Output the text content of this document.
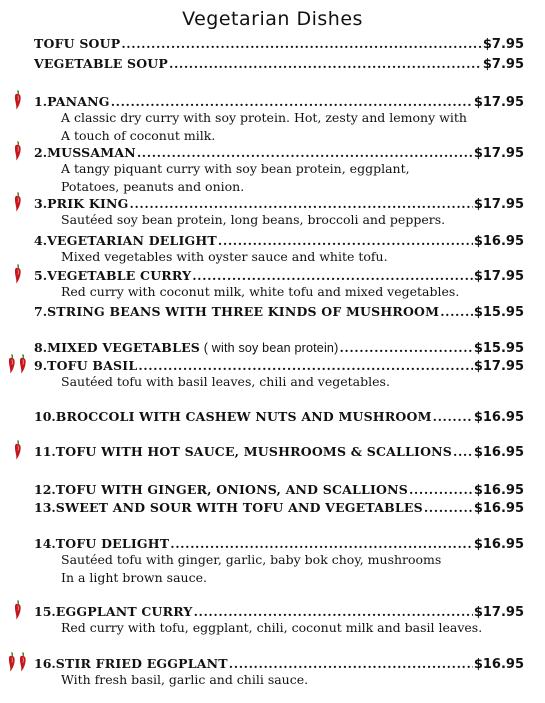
Vegetarian Dishes
TOFU SOUP .....	$7.95
VEGETABLE SOUP .....	$7.95
1. PANANG .....	$17.95
A classic dry curry with soy protein. Hot, zesty and lemony with
A touch of coconut milk.
2. MUSSAMAN .....	$17.95
A tangy piquant curry with soy bean protein, eggplant,
Potatoes, peanuts and onion.
3. PRIK KING .....	$17.95
Sautéed soy bean protein, long beans, broccoli and peppers.
4. VEGETARIAN DELIGHT .....	$16.95
Mixed vegetables with oyster sauce and white tofu.
5. VEGETABLE CURRY .....	$17.95
Red curry with coconut milk, white tofu and mixed vegetables.
7. STRING BEANS WITH THREE KINDS OF MUSHROOM .....	$15.95
8. MIXED VEGETABLES ( with soy bean protein) .....	$15.95
9. TOFU BASIL .....	$17.95
Sautéed tofu with basil leaves, chili and vegetables.
10. BROCCOLI WITH CASHEW NUTS AND MUSHROOM .....	$16.95
11. TOFU WITH HOT SAUCE, MUSHROOMS & SCALLIONS ..... $16.95
12. TOFU WITH GINGER, ONIONS, AND SCALLIONS .....	$16.95
13. SWEET AND SOUR WITH TOFU AND VEGETABLES .....	$16.95
14. TOFU DELIGHT .....	$16.95
Sautéed tofu with ginger, garlic, baby bok choy, mushrooms
In a light brown sauce.
15. EGGPLANT CURRY .....	$17.95
Red curry with tofu, eggplant, chili, coconut milk and basil leaves.
16. STIR FRIED EGGPLANT .....	$16.95
With fresh basil, garlic and chili sauce.
